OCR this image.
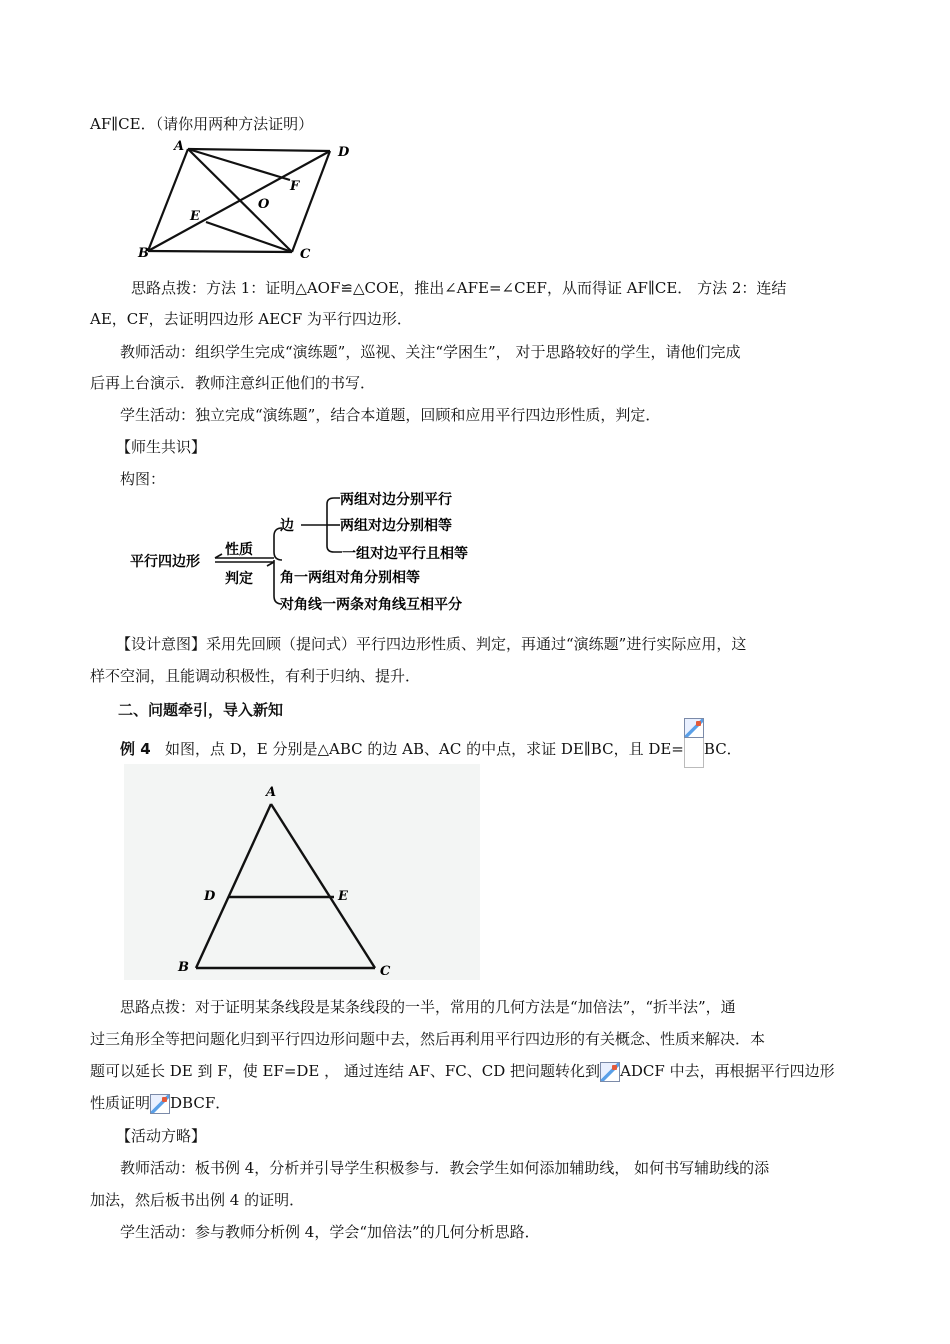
AF∥CE．（请你用两种方法证明）
A	D
F
O
E
B	C
思路点拨：方法 1：证明△AOF≌△COE，推出∠AFE=∠CEF，从而得证 AF∥CE． 方法 2：连结
AE，CF，去证明四边形 AECF 为平行四边形．
教师活动：组织学生完成“演练题”，巡视、关注“学困生”， 对于思路较好的学生，请他们完成
后再上台演示．教师注意纠正他们的书写．
学生活动：独立完成“演练题”，结合本道题，回顾和应用平行四边形性质，判定．
【师生共识】
构图：
平行四边形
性质
判定
边
两组对边分别平行
两组对边分别相等
一组对边平行且相等
角一两组对角分别相等
对角线一两条对角线互相平分
【设计意图】采用先回顾（提问式）平行四边形性质、判定，再通过“演练题”进行实际应用，这
样不空洞，且能调动积极性，有利于归纳、提升．
二、问题牵引，导入新知
例 4 如图，点 D，E 分别是△ABC 的边 AB、AC 的中点，求证 DE∥BC，且 DE= BC．
A
D	E
B	C
思路点拨：对于证明某条线段是某条线段的一半，常用的几何方法是“加倍法”，“折半法”，通
过三角形全等把问题化归到平行四边形问题中去，然后再利用平行四边形的有关概念、性质来解决．本
题可以延长 DE 到 F，使 EF=DE ， 通过连结 AF、FC、CD 把问题转化到 ADCF 中去，再根据平行四边形
性质证明 DBCF．
【活动方略】
教师活动：板书例 4，分析并引导学生积极参与．教会学生如何添加辅助线， 如何书写辅助线的添
加法，然后板书出例 4 的证明．
学生活动：参与教师分析例 4，学会“加倍法”的几何分析思路．
